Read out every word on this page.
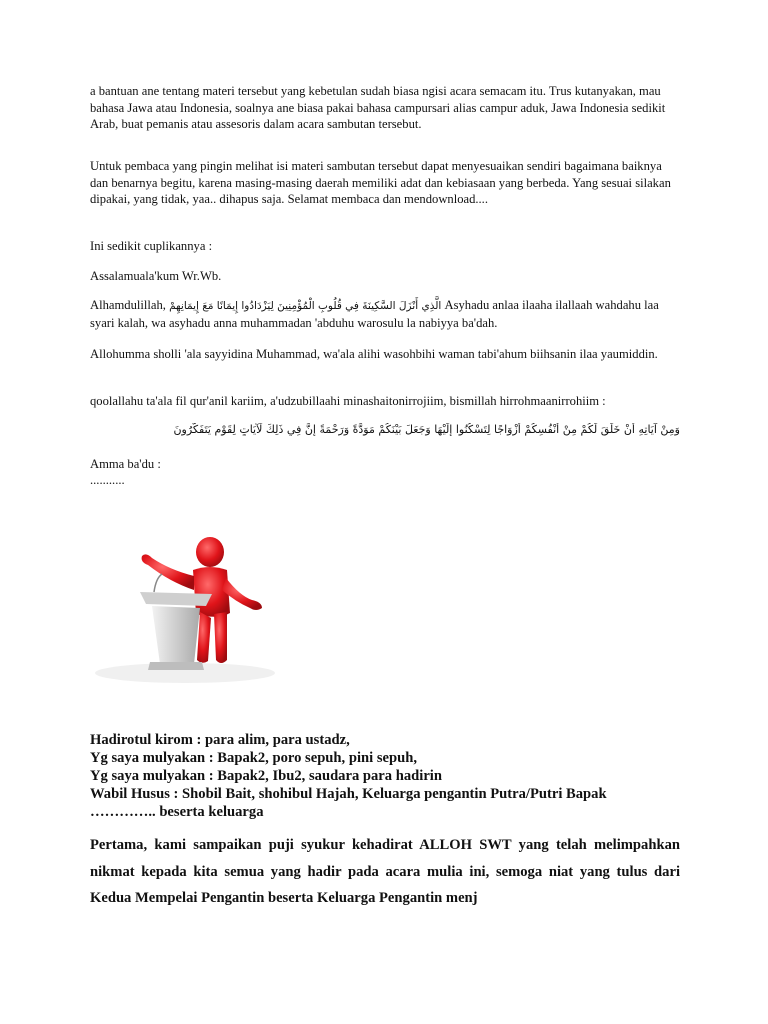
a bantuan ane tentang materi tersebut yang kebetulan sudah biasa ngisi acara semacam itu. Trus kutanyakan, mau bahasa Jawa atau Indonesia, soalnya ane biasa pakai bahasa campursari alias campur aduk, Jawa Indonesia sedikit Arab, buat pemanis atau assesoris dalam acara sambutan tersebut.

Untuk pembaca yang pingin melihat isi materi sambutan tersebut dapat menyesuaikan sendiri bagaimana baiknya dan benarnya begitu, karena masing-masing daerah memiliki adat dan kebiasaan yang berbeda. Yang sesuai silakan dipakai, yang tidak, yaa.. dihapus saja. Selamat membaca dan mendownload....

Ini sedikit cuplikannya :

Assalamuala'kum Wr.Wb.

Alhamdulillah, الَّذِي أَنْزَلَ السَّكِينَةَ فِي قُلُوبِ الْمُؤْمِنِينَ لِيَزْدَادُوا إِيمَانًا مَعَ إِيمَانِهِمْ Asyhadu anlaa ilaaha ilallaah wahdahu laa syari kalah, wa asyhadu anna muhammadan 'abduhu warosulu la nabiyya ba'dah.

Allohumma sholli 'ala sayyidina Muhammad, wa'ala alihi wasohbihi waman tabi'ahum biihsanin ilaa yaumiddin.

qoolallahu ta'ala fil qur'anil kariim, a'udzubillaahi minashaitonirrojiim, bismillah hirrohmaanirrohiim :

وَمِنْ آيَاتِهِ أَنْ خَلَقَ لَكُمْ مِنْ أَنْفُسِكُمْ أَزْوَاجًا لِتَسْكُنُوا إِلَيْهَا وَجَعَلَ بَيْنَكُمْ مَوَدَّةً وَرَحْمَةً إِنَّ فِي ذَلِكَ لَآيَاتٍ لِقَوْمٍ يَتَفَكَّرُونَ

Amma ba'du :

...........

Hadirotul kirom : para alim, para ustadz,

Yg saya mulyakan : Bapak2, poro sepuh, pini sepuh,

Yg saya mulyakan : Bapak2, Ibu2, saudara para hadirin

Wabil Husus : Shobil Bait, shohibul Hajah, Keluarga pengantin Putra/Putri Bapak

………….. beserta keluarga

Pertama, kami sampaikan puji syukur kehadirat ALLOH SWT yang telah melimpahkan nikmat kepada kita semua yang hadir pada acara mulia ini, semoga niat yang tulus dari Kedua Mempelai Pengantin beserta Keluarga Pengantin menj
